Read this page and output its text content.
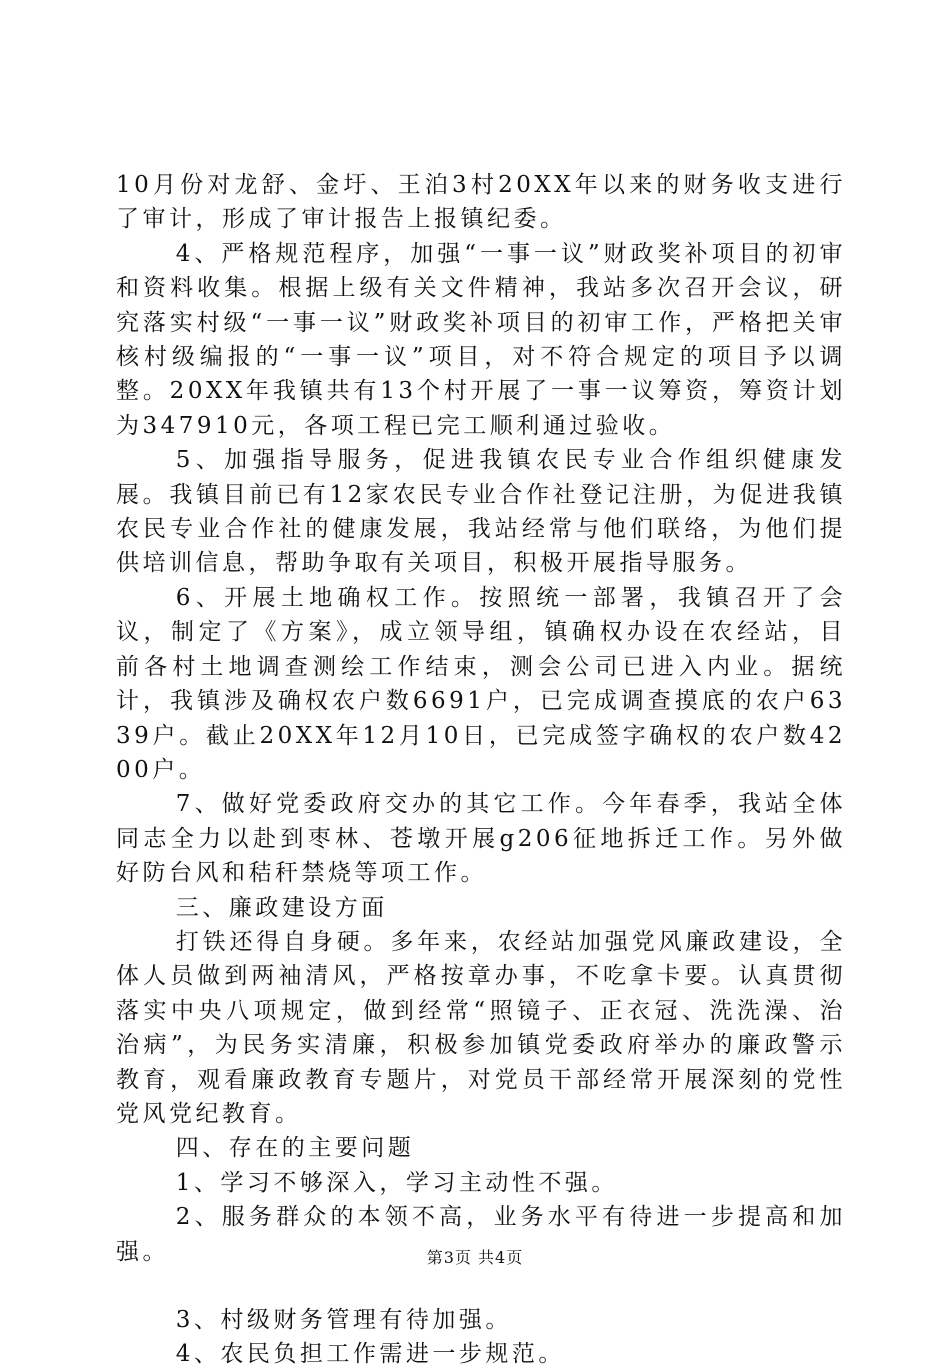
10月份对龙舒、金圩、王泊3村20XX年以来的财务收支进行了审计，形成了审计报告上报镇纪委。

4、严格规范程序，加强“一事一议”财政奖补项目的初审和资料收集。根据上级有关文件精神，我站多次召开会议，研究落实村级“一事一议”财政奖补项目的初审工作，严格把关审核村级编报的“一事一议”项目，对不符合规定的项目予以调整。20XX年我镇共有13个村开展了一事一议筹资，筹资计划为347910元，各项工程已完工顺利通过验收。

5、加强指导服务，促进我镇农民专业合作组织健康发展。我镇目前已有12家农民专业合作社登记注册，为促进我镇农民专业合作社的健康发展，我站经常与他们联络，为他们提供培训信息，帮助争取有关项目，积极开展指导服务。

6、开展土地确权工作。按照统一部署，我镇召开了会议，制定了《方案》，成立领导组，镇确权办设在农经站，目前各村土地调查测绘工作结束，测会公司已进入内业。据统计，我镇涉及确权农户数6691户，已完成调查摸底的农户6339户。截止20XX年12月10日，已完成签字确权的农户数4200户。

7、做好党委政府交办的其它工作。今年春季，我站全体同志全力以赴到枣林、苍墩开展g206征地拆迁工作。另外做好防台风和秸秆禁烧等项工作。

三、廉政建设方面

打铁还得自身硬。多年来，农经站加强党风廉政建设，全体人员做到两袖清风，严格按章办事，不吃拿卡要。认真贯彻落实中央八项规定，做到经常“照镜子、正衣冠、洗洗澡、治治病”，为民务实清廉，积极参加镇党委政府举办的廉政警示教育，观看廉政教育专题片，对党员干部经常开展深刻的党性党风党纪教育。

四、存在的主要问题

1、学习不够深入，学习主动性不强。

2、服务群众的本领不高，业务水平有待进一步提高和加强。

3、村级财务管理有待加强。

4、农民负担工作需进一步规范。

第3页 共4页
